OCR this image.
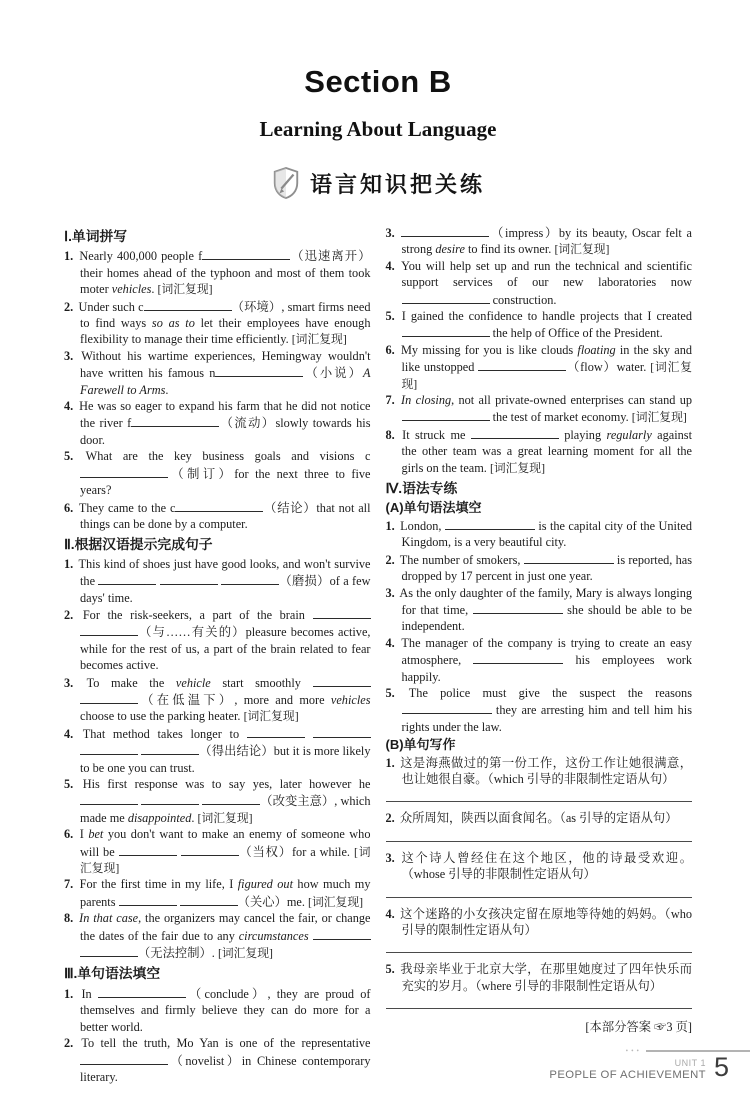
Section B
Learning About Language
语言知识把关练
Ⅰ.单词拼写
1. Nearly 400,000 people f	（迅速离开）their homes ahead of the typhoon and most of them took moter vehicles. [词汇复现]
2. Under such c	（环境）, smart firms need to find ways so as to let their employees have enough flexibility to manage their time efficiently. [词汇复现]
3. Without his wartime experiences, Hemingway wouldn't have written his famous n	（小说）A Farewell to Arms.
4. He was so eager to expand his farm that he did not notice the river f	（流动）slowly towards his door.
5. What are the key business goals and visions c（制订）for the next three to five years?
6. They came to the c	（结论）that not all things can be done by a computer.
Ⅱ.根据汉语提示完成句子
1. This kind of shoes just have good looks, and won't survive the	（磨损）of a few days' time.
2. For the risk-seekers, a part of the brain  （与……有关的）pleasure becomes active, while for the rest of us, a part of the brain related to fear becomes active.
3. To make the vehicle start smoothly  （在低温下）, more and more vehicles choose to use the parking heater. [词汇复现]
4. That method takes longer to    （得出结论）but it is more likely to be one you can trust.
5. His first response was to say yes, later however he   （改变主意）, which made me disappointed. [词汇复现]
6. I bet you don't want to make an enemy of someone who will be	（当权）for a while. [词汇复现]
7. For the first time in my life, I figured out how much my parents	（关心）me. [词汇复现]
8. In that case, the organizers may cancel the fair, or change the dates of the fair due to any circumstances  （无法控制）. [词汇复现]
Ⅲ.单句语法填空
1. In	（conclude）, they are proud of themselves and firmly believe they can do more for a better world.
2. To tell the truth, Mo Yan is one of the representative （novelist）in Chinese contemporary literary.
3.	（impress）by its beauty, Oscar felt a strong desire to find its owner. [词汇复现]
4. You will help set up and run the technical and scientific support services of our new laboratories now  construction.
5. I gained the confidence to handle projects that I created  the help of Office of the President.
6. My missing for you is like clouds floating in the sky and like unstopped	（flow）water. [词汇复现]
7. In closing, not all private-owned enterprises can stand up  the test of market economy. [词汇复现]
8. It struck me	playing regularly against the other team was a great learning moment for all the girls on the team. [词汇复现]
Ⅳ.语法专练
(A)单句语法填空
1. London,	is the capital city of the United Kingdom, is a very beautiful city.
2. The number of smokers,	is reported, has dropped by 17 percent in just one year.
3. As the only daughter of the family, Mary is always longing for that time,	she should be able to be independent.
4. The manager of the company is trying to create an easy atmosphere,	his employees work happily.
5. The police must give the suspect the reasons  they are arresting him and tell him his rights under the law.
(B)单句写作
1. 这是海燕做过的第一份工作，这份工作让她很满意，也让她很自豪。（which 引导的非限制性定语从句）
2. 众所周知，陕西以面食闻名。（as 引导的定语从句）
3. 这个诗人曾经住在这个地区，他的诗最受欢迎。（whose 引导的非限制性定语从句）
4. 这个迷路的小女孩决定留在原地等待她的妈妈。（who 引导的限制性定语从句）
5. 我母亲毕业于北京大学，在那里她度过了四年快乐而充实的岁月。（where 引导的非限制性定语从句）
[本部分答案 ☞3 页]
•••
UNIT 1
PEOPLE OF ACHIEVEMENT 5
